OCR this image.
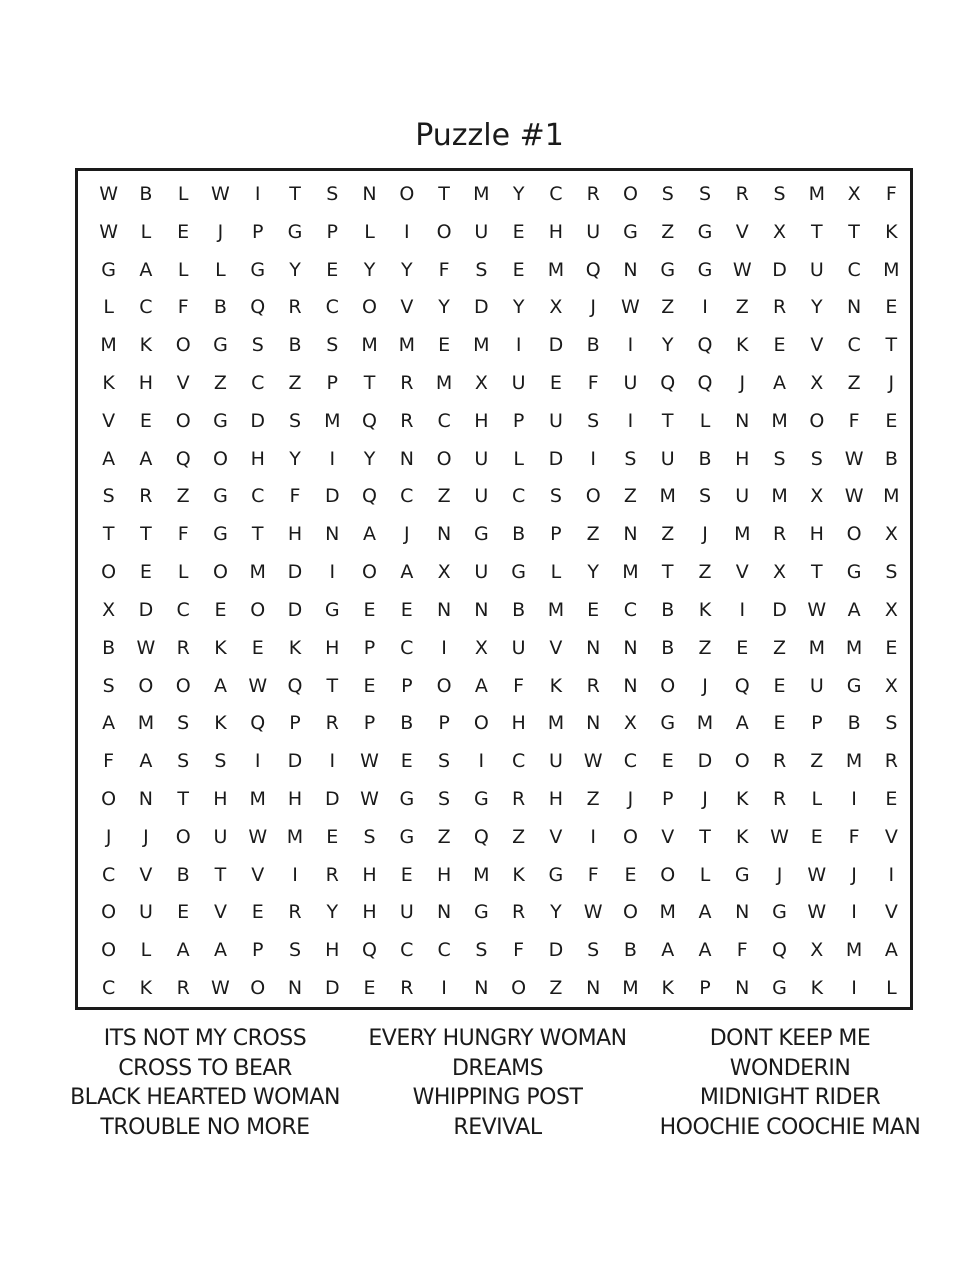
Puzzle #1
W	B	L	W	I	T	S	N	O	T	M	Y	C	R	O	S	S	R	S	M	X	F
W	L	E	J	P	G	P	L	I	O	U	E	H	U	G	Z	G	V	X	T	T	K
G	A	L	L	G	Y	E	Y	Y	F	S	E	M	Q	N	G	G	W	D	U	C	M
L	C	F	B	Q	R	C	O	V	Y	D	Y	X	J	W	Z	I	Z	R	Y	N	E
M	K	O	G	S	B	S	M	M	E	M	I	D	B	I	Y	Q	K	E	V	C	T
K	H	V	Z	C	Z	P	T	R	M	X	U	E	F	U	Q	Q	J	A	X	Z	J
V	E	O	G	D	S	M	Q	R	C	H	P	U	S	I	T	L	N	M	O	F	E
A	A	Q	O	H	Y	I	Y	N	O	U	L	D	I	S	U	B	H	S	S	W	B
S	R	Z	G	C	F	D	Q	C	Z	U	C	S	O	Z	M	S	U	M	X	W	M
T	T	F	G	T	H	N	A	J	N	G	B	P	Z	N	Z	J	M	R	H	O	X
O	E	L	O	M	D	I	O	A	X	U	G	L	Y	M	T	Z	V	X	T	G	S
X	D	C	E	O	D	G	E	E	N	N	B	M	E	C	B	K	I	D	W	A	X
B	W	R	K	E	K	H	P	C	I	X	U	V	N	N	B	Z	E	Z	M	M	E
S	O	O	A	W	Q	T	E	P	O	A	F	K	R	N	O	J	Q	E	U	G	X
A	M	S	K	Q	P	R	P	B	P	O	H	M	N	X	G	M	A	E	P	B	S
F	A	S	S	I	D	I	W	E	S	I	C	U	W	C	E	D	O	R	Z	M	R
O	N	T	H	M	H	D	W	G	S	G	R	H	Z	J	P	J	K	R	L	I	E
J	J	O	U	W	M	E	S	G	Z	Q	Z	V	I	O	V	T	K	W	E	F	V
C	V	B	T	V	I	R	H	E	H	M	K	G	F	E	O	L	G	J	W	J	I
O	U	E	V	E	R	Y	H	U	N	G	R	Y	W	O	M	A	N	G	W	I	V
O	L	A	A	P	S	H	Q	C	C	S	F	D	S	B	A	A	F	Q	X	M	A
C	K	R	W	O	N	D	E	R	I	N	O	Z	N	M	K	P	N	G	K	I	L
ITS NOT MY CROSS
CROSS TO BEAR
BLACK HEARTED WOMAN
TROUBLE NO MORE
EVERY HUNGRY WOMAN
DREAMS
WHIPPING POST
REVIVAL
DONT KEEP ME
WONDERIN
MIDNIGHT RIDER
HOOCHIE COOCHIE MAN
